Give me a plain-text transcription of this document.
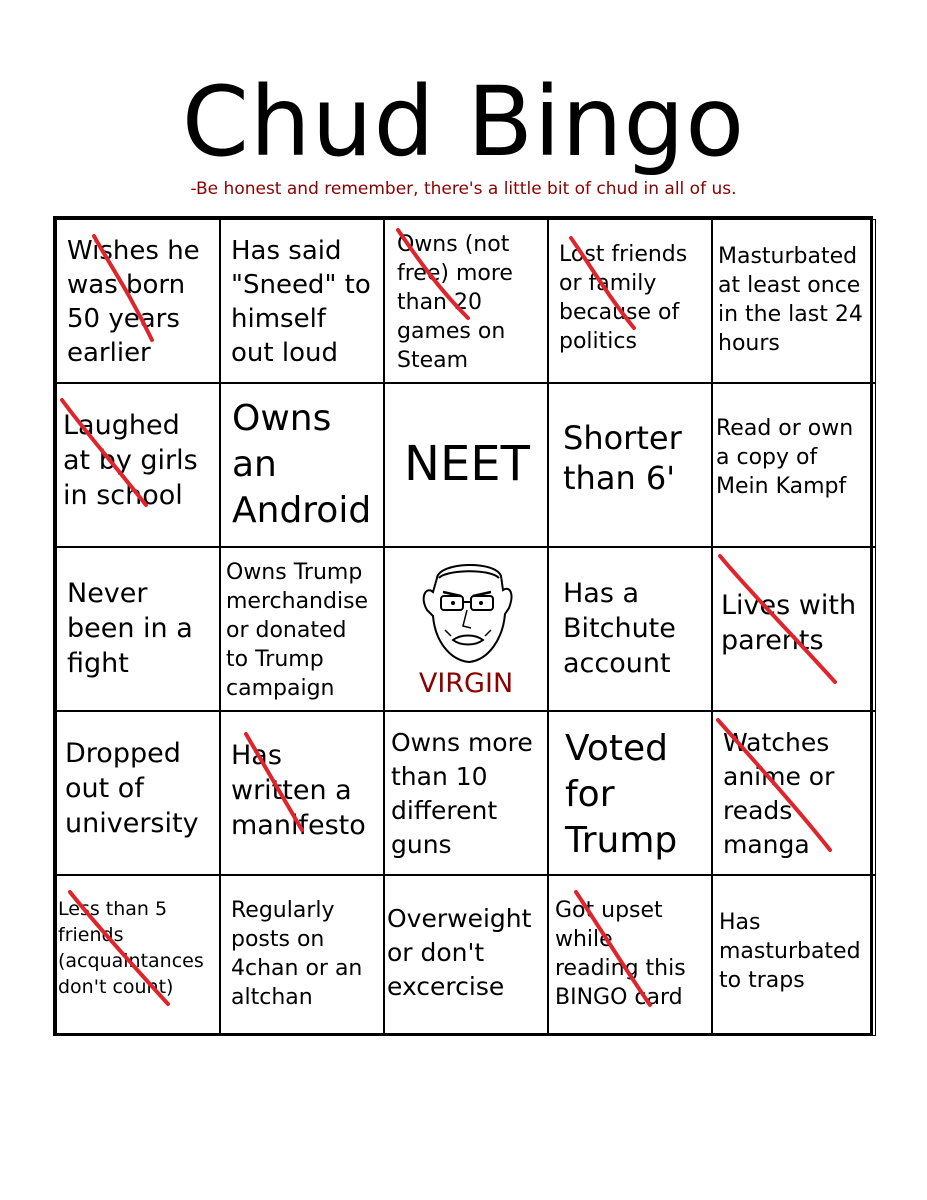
Chud Bingo
-Be honest and remember, there's a little bit of chud in all of us.
Wishes he
was born
50 years
earlier
Has said
"Sneed" to
himself
out loud
Owns (not
free) more
than 20
games on
Steam
Lost friends
or family
because of
politics
Masturbated
at least once
in the last 24
hours
Laughed
at by girls
in school
Owns
an
Android
NEET	Shorter
than 6'
Read or own
a copy of
Mein Kampf
Never
been in a
fight
Owns Trump
merchandise
or donated
to Trump
campaign	VIRGIN
Has a
Bitchute
account
Lives with
parents
Dropped
out of
university
Has
written a
manifesto
Owns more
than 10
different
guns
Voted
for
Trump
Watches
anime or
reads
manga
Less than 5
friends
(acquaintances
don't count)
Regularly
posts on
4chan or an
altchan
Overweight
or don't
excercise
Got upset
while
reading this
BINGO card
Has
masturbated
to traps
